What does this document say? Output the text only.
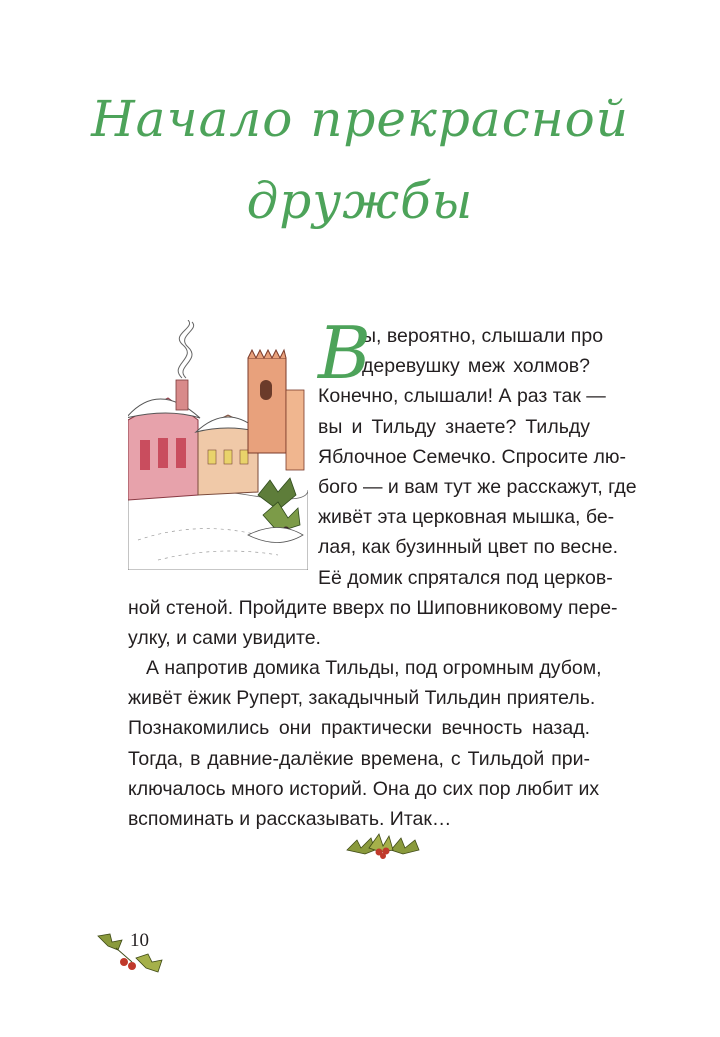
Начало прекрасной
дружбы
В
ы, вероятно, слышали про
деревушку меж холмов?
Конечно, слышали! А раз так —
вы и Тильду знаете? Тильду
Яблочное Семечко. Спросите лю-
бого — и вам тут же расскажут, где
живёт эта церковная мышка, бе-
лая, как бузинный цвет по весне.
Её домик спрятался под церков-
ной стеной. Пройдите вверх по Шиповниковому пере-
улку, и сами увидите.
А напротив домика Тильды, под огромным дубом,
живёт ёжик Руперт, закадычный Тильдин приятель.
Познакомились они практически вечность назад.
Тогда, в давние-далёкие времена, с Тильдой при-
ключалось много историй. Она до сих пор любит их
вспоминать и рассказывать. Итак…
10
